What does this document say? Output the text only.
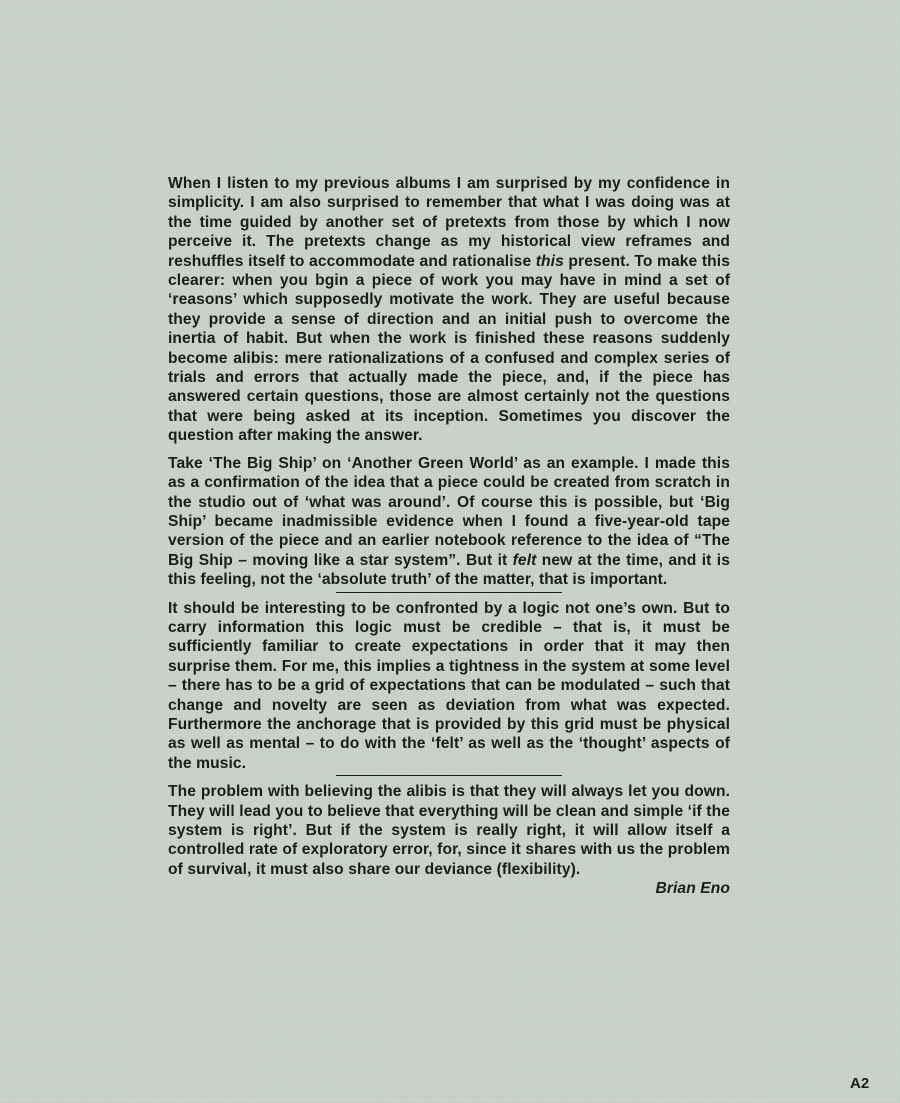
When I listen to my previous albums I am surprised by my confidence in simplicity. I am also surprised to remember that what I was doing was at the time guided by another set of pretexts from those by which I now perceive it. The pretexts change as my historical view reframes and reshuffles itself to accommodate and rationalise this present. To make this clearer: when you bgin a piece of work you may have in mind a set of ‘reasons’ which supposedly motivate the work. They are useful because they provide a sense of direction and an initial push to overcome the inertia of habit. But when the work is finished these reasons suddenly become alibis: mere rationalizations of a confused and complex series of trials and errors that actually made the piece, and, if the piece has answered certain questions, those are almost certainly not the questions that were being asked at its inception. Sometimes you discover the question after making the answer.

Take ‘The Big Ship’ on ‘Another Green World’ as an example. I made this as a confirmation of the idea that a piece could be created from scratch in the studio out of ‘what was around’. Of course this is possible, but ‘Big Ship’ became inadmissible evidence when I found a five-year-old tape version of the piece and an earlier notebook reference to the idea of “The Big Ship – moving like a star system”. But it felt new at the time, and it is this feeling, not the ‘absolute truth’ of the matter, that is important.

It should be interesting to be confronted by a logic not one’s own. But to carry information this logic must be credible – that is, it must be sufficiently familiar to create expectations in order that it may then surprise them. For me, this implies a tightness in the system at some level – there has to be a grid of expectations that can be modulated – such that change and novelty are seen as deviation from what was expected. Furthermore the anchorage that is provided by this grid must be physical as well as mental – to do with the ‘felt’ as well as the ‘thought’ aspects of the music.

The problem with believing the alibis is that they will always let you down. They will lead you to believe that everything will be clean and simple ‘if the system is right’. But if the system is really right, it will allow itself a controlled rate of exploratory error, for, since it shares with us the problem of survival, it must also share our deviance (flexibility).

Brian Eno
A2
